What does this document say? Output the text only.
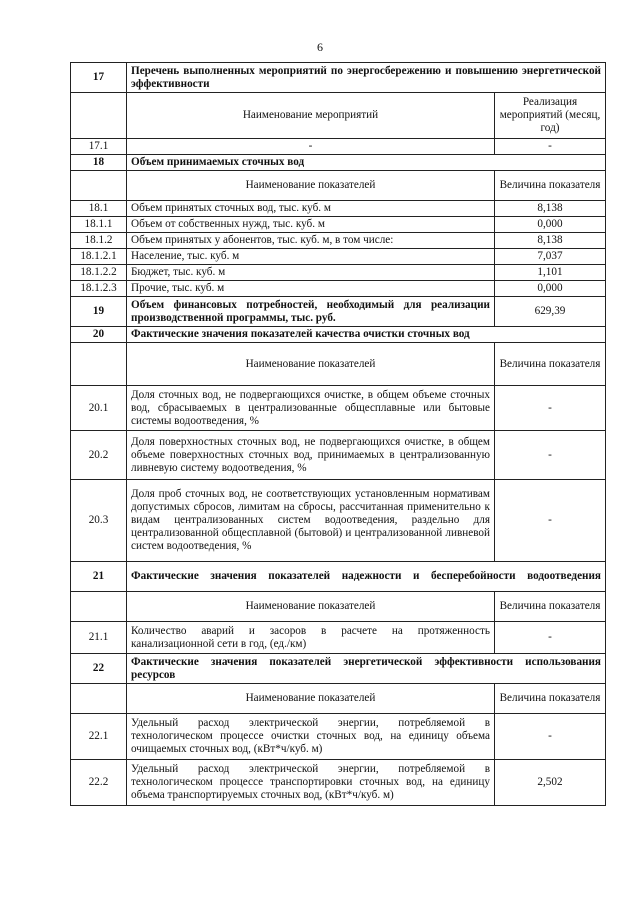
6
17	Перечень выполненных мероприятий по энергосбережению и повышению энергетической эффективности	
	Наименование мероприятий	Реализация мероприятий (месяц, год)
17.1	-	-
18	Объем принимаемых сточных вод	
	Наименование показателей	Величина показателя
18.1	Объем принятых сточных вод, тыс. куб. м	8,138
18.1.1	Объем от собственных нужд, тыс. куб. м	0,000
18.1.2	Объем принятых у абонентов, тыс. куб. м, в том числе:	8,138
18.1.2.1	Население, тыс. куб. м	7,037
18.1.2.2	Бюджет, тыс. куб. м	1,101
18.1.2.3	Прочие, тыс. куб. м	0,000
19	Объем финансовых потребностей, необходимый для реализации производственной программы, тыс. руб.	629,39
20	Фактические значения показателей качества очистки сточных вод	
	Наименование показателей	Величина показателя
20.1	Доля сточных вод, не подвергающихся очистке, в общем объеме сточных вод, сбрасываемых в централизованные общесплавные или бытовые системы водоотведения, %	-
20.2	Доля поверхностных сточных вод, не подвергающихся очистке, в общем объеме поверхностных сточных вод, принимаемых в централизованную ливневую систему водоотведения, %	-
20.3	Доля проб сточных вод, не соответствующих установленным нормативам допустимых сбросов, лимитам на сбросы, рассчитанная применительно к видам централизованных систем водоотведения, раздельно для централизованной общесплавной (бытовой) и централизованной ливневой систем водоотведения, %	-
21	Фактические значения показателей надежности и бесперебойности водоотведения	
	Наименование показателей	Величина показателя
21.1	Количество аварий и засоров в расчете на протяженность канализационной сети в год, (ед./км)	-
22	Фактические значения показателей энергетической эффективности использования ресурсов	
	Наименование показателей	Величина показателя
22.1	Удельный расход электрической энергии, потребляемой в технологическом процессе очистки сточных вод, на единицу объема очищаемых сточных вод, (кВт*ч/куб. м)	-
22.2	Удельный расход электрической энергии, потребляемой в технологическом процессе транспортировки сточных вод, на единицу объема транспортируемых сточных вод, (кВт*ч/куб. м)	2,502
